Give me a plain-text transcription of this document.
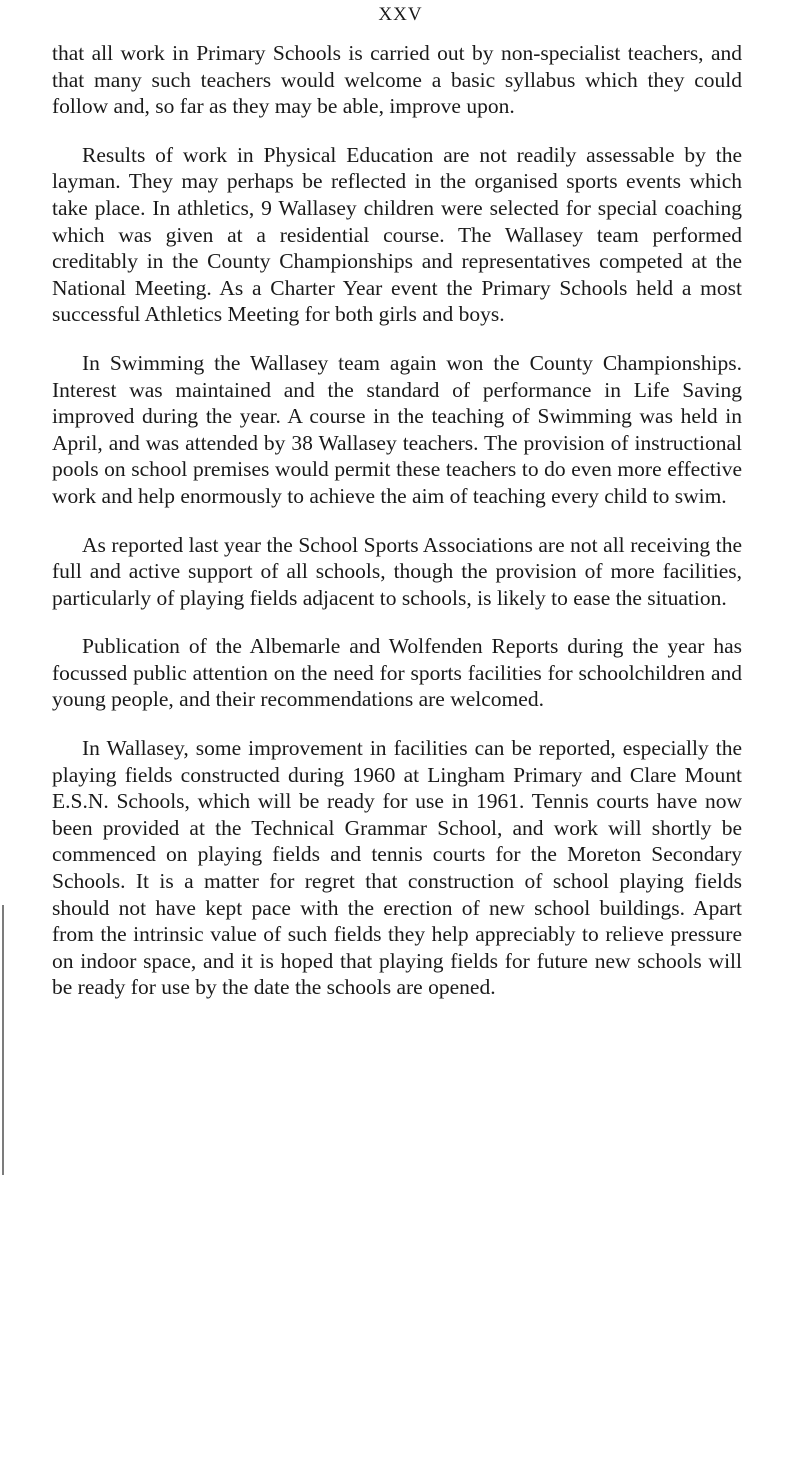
XXV

that all work in Primary Schools is carried out by non-specialist teachers, and that many such teachers would welcome a basic syllabus which they could follow and, so far as they may be able, improve upon.

Results of work in Physical Education are not readily assessable by the layman. They may perhaps be reflected in the organised sports events which take place. In athletics, 9 Wallasey children were selected for special coaching which was given at a residential course. The Wallasey team performed creditably in the County Championships and representatives competed at the National Meeting. As a Charter Year event the Primary Schools held a most successful Athletics Meeting for both girls and boys.

In Swimming the Wallasey team again won the County Championships. Interest was maintained and the standard of performance in Life Saving improved during the year. A course in the teaching of Swimming was held in April, and was attended by 38 Wallasey teachers. The provision of instructional pools on school premises would permit these teachers to do even more effective work and help enormously to achieve the aim of teaching every child to swim.

As reported last year the School Sports Associations are not all receiving the full and active support of all schools, though the provision of more facilities, particularly of playing fields adjacent to schools, is likely to ease the situation.

Publication of the Albemarle and Wolfenden Reports during the year has focussed public attention on the need for sports facilities for schoolchildren and young people, and their recommendations are welcomed.

In Wallasey, some improvement in facilities can be reported, especially the playing fields constructed during 1960 at Lingham Primary and Clare Mount E.S.N. Schools, which will be ready for use in 1961. Tennis courts have now been provided at the Technical Grammar School, and work will shortly be commenced on playing fields and tennis courts for the Moreton Secondary Schools. It is a matter for regret that construction of school playing fields should not have kept pace with the erection of new school buildings. Apart from the intrinsic value of such fields they help appreciably to relieve pressure on indoor space, and it is hoped that playing fields for future new schools will be ready for use by the date the schools are opened.
